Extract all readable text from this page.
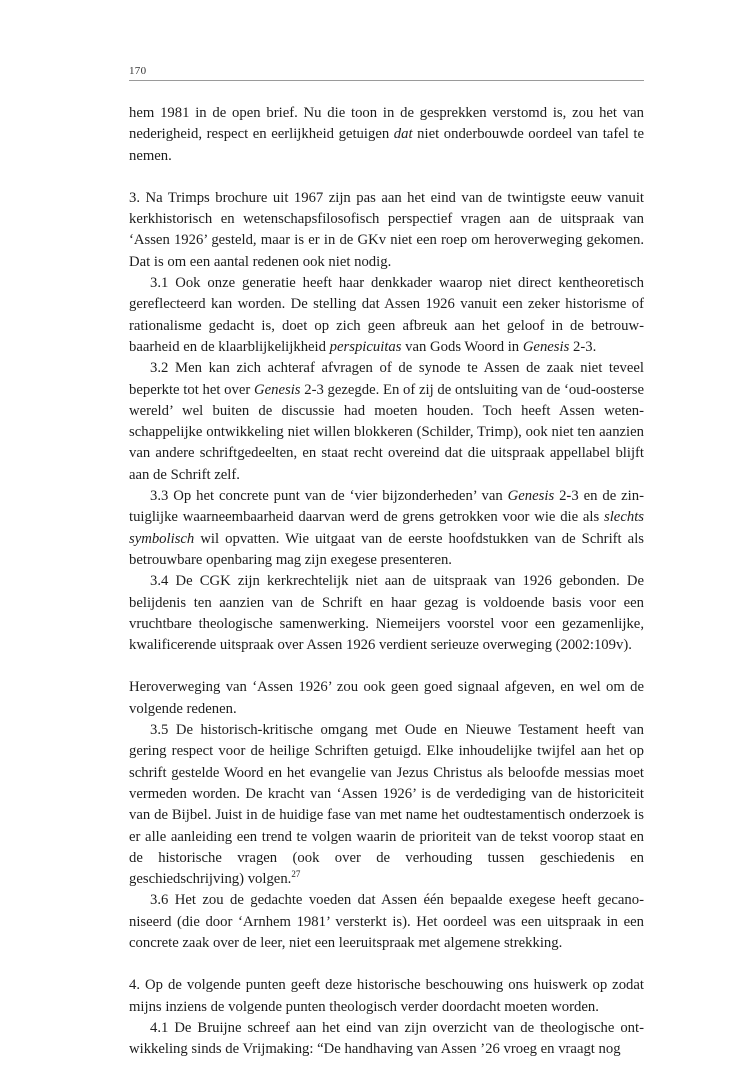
170

hem 1981 in de open brief. Nu die toon in de gesprekken verstomd is, zou het van nederigheid, respect en eerlijkheid getuigen dat niet onderbouwde oordeel van tafel te nemen.

3. Na Trimps brochure uit 1967 zijn pas aan het eind van de twintigste eeuw vanuit kerkhistorisch en wetenschapsfilosofisch perspectief vragen aan de uitspraak van ‘Assen 1926’ gesteld, maar is er in de GKv niet een roep om heroverweging gekomen. Dat is om een aantal redenen ook niet nodig.

3.1 Ook onze generatie heeft haar denkkader waarop niet direct kentheoretisch gereflecteerd kan worden. De stelling dat Assen 1926 vanuit een zeker historisme of rationalisme gedacht is, doet op zich geen afbreuk aan het geloof in de betrouwbaarheid en de klaarblijkelijkheid perspicuitas van Gods Woord in Genesis 2-3.

3.2 Men kan zich achteraf afvragen of de synode te Assen de zaak niet teveel beperkte tot het over Genesis 2-3 gezegde. En of zij de ontsluiting van de ‘oud-oosterse wereld’ wel buiten de discussie had moeten houden. Toch heeft Assen wetenschappelijke ontwikkeling niet willen blokkeren (Schilder, Trimp), ook niet ten aanzien van andere schriftgedeelten, en staat recht overeind dat die uitspraak appellabel blijft aan de Schrift zelf.

3.3 Op het concrete punt van de ‘vier bijzonderheden’ van Genesis 2-3 en de zintuiglijke waarneembaarheid daarvan werd de grens getrokken voor wie die als slechts symbolisch wil opvatten. Wie uitgaat van de eerste hoofdstukken van de Schrift als betrouwbare openbaring mag zijn exegese presenteren.

3.4 De CGK zijn kerkrechtelijk niet aan de uitspraak van 1926 gebonden. De belijdenis ten aanzien van de Schrift en haar gezag is voldoende basis voor een vruchtbare theologische samenwerking. Niemeijers voorstel voor een gezamenlijke, kwalificerende uitspraak over Assen 1926 verdient serieuze overweging (2002:109v).

Heroverweging van ‘Assen 1926’ zou ook geen goed signaal afgeven, en wel om de volgende redenen.

3.5 De historisch-kritische omgang met Oude en Nieuwe Testament heeft van gering respect voor de heilige Schriften getuigd. Elke inhoudelijke twijfel aan het op schrift gestelde Woord en het evangelie van Jezus Christus als beloofde messias moet vermeden worden. De kracht van ‘Assen 1926’ is de verdediging van de historiciteit van de Bijbel. Juist in de huidige fase van met name het oudtestamentisch onderzoek is er alle aanleiding een trend te volgen waarin de prioriteit van de tekst voorop staat en de historische vragen (ook over de verhouding tussen geschiedenis en geschiedschrijving) volgen.$^{27}$

3.6 Het zou de gedachte voeden dat Assen één bepaalde exegese heeft gecanoniseerd (die door ‘Arnhem 1981’ versterkt is). Het oordeel was een uitspraak in een concrete zaak over de leer, niet een leeruitspraak met algemene strekking.

4. Op de volgende punten geeft deze historische beschouwing ons huiswerk op zodat mijns inziens de volgende punten theologisch verder doordacht moeten worden.

4.1 De Bruijne schreef aan het eind van zijn overzicht van de theologische ontwikkeling sinds de Vrijmaking: “De handhaving van Assen ’26 vroeg en vraagt nog
